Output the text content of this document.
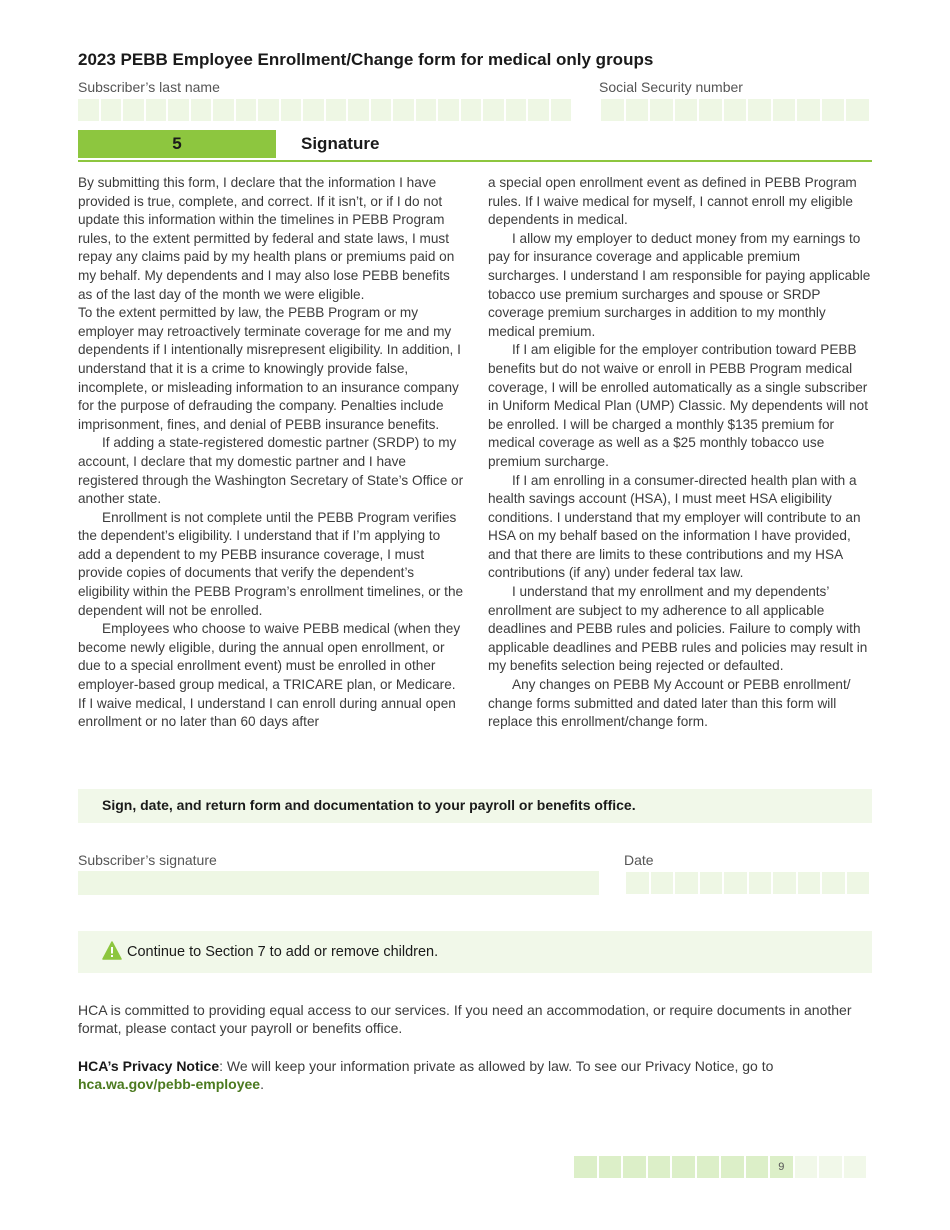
2023 PEBB Employee Enrollment/Change form for medical only groups
Subscriber’s last name	Social Security number
5	Signature

By submitting this form, I declare that the information I have provided is true, complete, and correct. If it isn’t, or if I do not update this information within the timelines in PEBB Program rules, to the extent permitted by federal and state laws, I must repay any claims paid by my health plans or premiums paid on my behalf. My dependents and I may also lose PEBB benefits as of the last day of the month we were eligible.

To the extent permitted by law, the PEBB Program or my employer may retroactively terminate coverage for me and my dependents if I intentionally misrepresent eligibility. In addition, I understand that it is a crime to knowingly provide false, incomplete, or misleading information to an insurance company for the purpose of defrauding the company. Penalties include imprisonment, fines, and denial of PEBB insurance benefits.

If adding a state-registered domestic partner (SRDP) to my account, I declare that my domestic partner and I have registered through the Washington Secretary of State’s Office or another state.

Enrollment is not complete until the PEBB Program verifies the dependent’s eligibility. I understand that if I’m applying to add a dependent to my PEBB insurance coverage, I must provide copies of documents that verify the dependent’s eligibility within the PEBB Program’s enrollment timelines, or the dependent will not be enrolled.

Employees who choose to waive PEBB medical (when they become newly eligible, during the annual open enrollment, or due to a special enrollment event) must be enrolled in other employer-based group medical, a TRICARE plan, or Medicare. If I waive medical, I understand I can enroll during annual open enrollment or no later than 60 days after

a special open enrollment event as defined in PEBB Program rules. If I waive medical for myself, I cannot enroll my eligible dependents in medical.

I allow my employer to deduct money from my earnings to pay for insurance coverage and applicable premium surcharges. I understand I am responsible for paying applicable tobacco use premium surcharges and spouse or SRDP coverage premium surcharges in addition to my monthly medical premium.

If I am eligible for the employer contribution toward PEBB benefits but do not waive or enroll in PEBB Program medical coverage, I will be enrolled automatically as a single subscriber in Uniform Medical Plan (UMP) Classic. My dependents will not be enrolled. I will be charged a monthly $135 premium for medical coverage as well as a $25 monthly tobacco use premium surcharge.

If I am enrolling in a consumer-directed health plan with a health savings account (HSA), I must meet HSA eligibility conditions. I understand that my employer will contribute to an HSA on my behalf based on the information I have provided, and that there are limits to these contributions and my HSA contributions (if any) under federal tax law.

I understand that my enrollment and my dependents’ enrollment are subject to my adherence to all applicable deadlines and PEBB rules and policies. Failure to comply with applicable deadlines and PEBB rules and policies may result in my benefits selection being rejected or defaulted.

Any changes on PEBB My Account or PEBB enrollment/ change forms submitted and dated later than this form will replace this enrollment/change form.

Sign, date, and return form and documentation to your payroll or benefits office.
Subscriber’s signature	Date
Continue to Section 7 to add or remove children.
HCA is committed to providing equal access to our services. If you need an accommodation, or require documents in another format, please contact your payroll or benefits office.
HCA’s Privacy Notice: We will keep your information private as allowed by law. To see our Privacy Notice, go to
hca.wa.gov/pebb-employee.
9
